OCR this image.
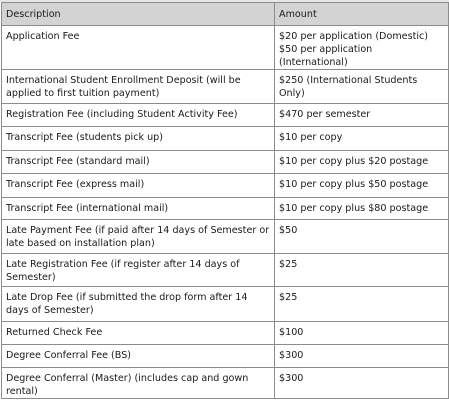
Description	Amount
Application Fee	$20 per application (Domestic)
$50 per application (International)
International Student Enrollment Deposit (will be applied to first tuition payment)	$250 (International Students Only)
Registration Fee (including Student Activity Fee)	$470 per semester
Transcript Fee (students pick up)	$10 per copy
Transcript Fee (standard mail)	$10 per copy plus $20 postage
Transcript Fee (express mail)	$10 per copy plus $50 postage
Transcript Fee (international mail)	$10 per copy plus $80 postage
Late Payment Fee (if paid after 14 days of Semester or late based on installation plan)	$50
Late Registration Fee (if register after 14 days of Semester)	$25
Late Drop Fee (if submitted the drop form after 14 days of Semester)	$25
Returned Check Fee	$100
Degree Conferral Fee (BS)	$300
Degree Conferral (Master) (includes cap and gown rental)	$300
